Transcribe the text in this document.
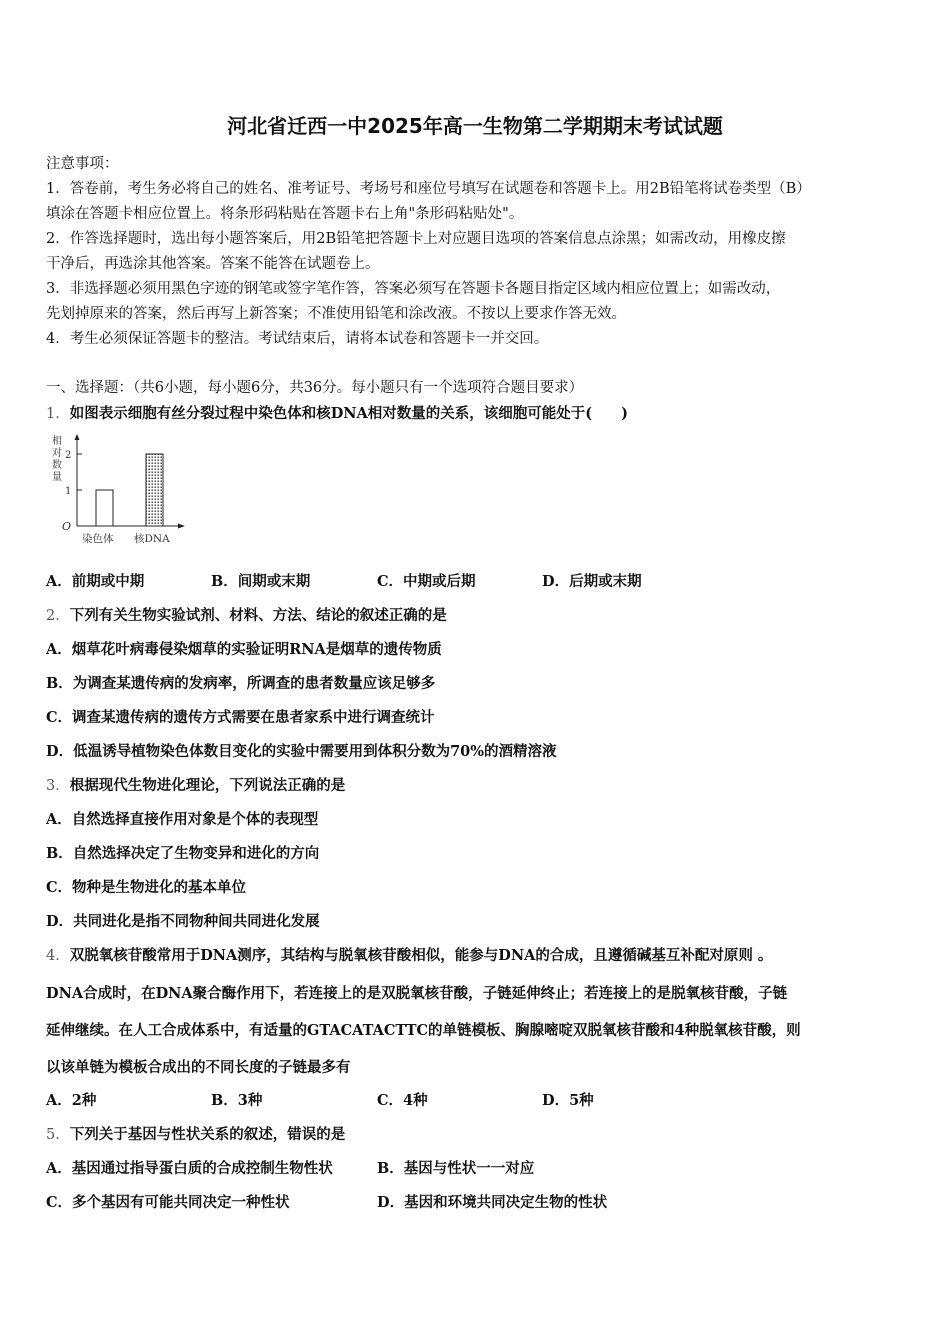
河北省迁西一中2025年高一生物第二学期期末考试试题
注意事项：
1．答卷前，考生务必将自己的姓名、准考证号、考场号和座位号填写在试题卷和答题卡上。用2B铅笔将试卷类型（B）
填涂在答题卡相应位置上。将条形码粘贴在答题卡右上角"条形码粘贴处"。
2．作答选择题时，选出每小题答案后，用2B铅笔把答题卡上对应题目选项的答案信息点涂黑；如需改动，用橡皮擦
干净后，再选涂其他答案。答案不能答在试题卷上。
3．非选择题必须用黑色字迹的钢笔或签字笔作答，答案必须写在答题卡各题目指定区域内相应位置上；如需改动，
先划掉原来的答案，然后再写上新答案；不准使用铅笔和涂改液。不按以上要求作答无效。
4．考生必须保证答题卡的整洁。考试结束后，请将本试卷和答题卡一并交回。
一、选择题：（共6小题，每小题6分，共36分。每小题只有一个选项符合题目要求）
1．如图表示细胞有丝分裂过程中染色体和核DNA相对数量的关系，该细胞可能处于(　　)
相
对
数
量
2
1
O
染色体 核DNA
A．前期或中期	B．间期或末期	C．中期或后期	D．后期或末期
2．下列有关生物实验试剂、材料、方法、结论的叙述正确的是
A．烟草花叶病毒侵染烟草的实验证明RNA是烟草的遗传物质
B．为调查某遗传病的发病率，所调查的患者数量应该足够多
C．调查某遗传病的遗传方式需要在患者家系中进行调查统计
D．低温诱导植物染色体数目变化的实验中需要用到体积分数为70%的酒精溶液
3．根据现代生物进化理论，下列说法正确的是
A．自然选择直接作用对象是个体的表现型
B．自然选择决定了生物变异和进化的方向
C．物种是生物进化的基本单位
D．共同进化是指不同物种间共同进化发展
4．双脱氧核苷酸常用于DNA测序，其结构与脱氧核苷酸相似，能参与DNA的合成，且遵循碱基互补配对原则 。
DNA合成时，在DNA聚合酶作用下，若连接上的是双脱氧核苷酸，子链延伸终止；若连接上的是脱氧核苷酸，子链
延伸继续。在人工合成体系中，有适量的GTACATACTTC的单链模板、胸腺嘧啶双脱氧核苷酸和4种脱氧核苷酸，则
以该单链为模板合成出的不同长度的子链最多有
A．2种	B．3种	C．4种	D．5种
5．下列关于基因与性状关系的叙述，错误的是
A．基因通过指导蛋白质的合成控制生物性状	B．基因与性状一一对应
C．多个基因有可能共同决定一种性状	D．基因和环境共同决定生物的性状
